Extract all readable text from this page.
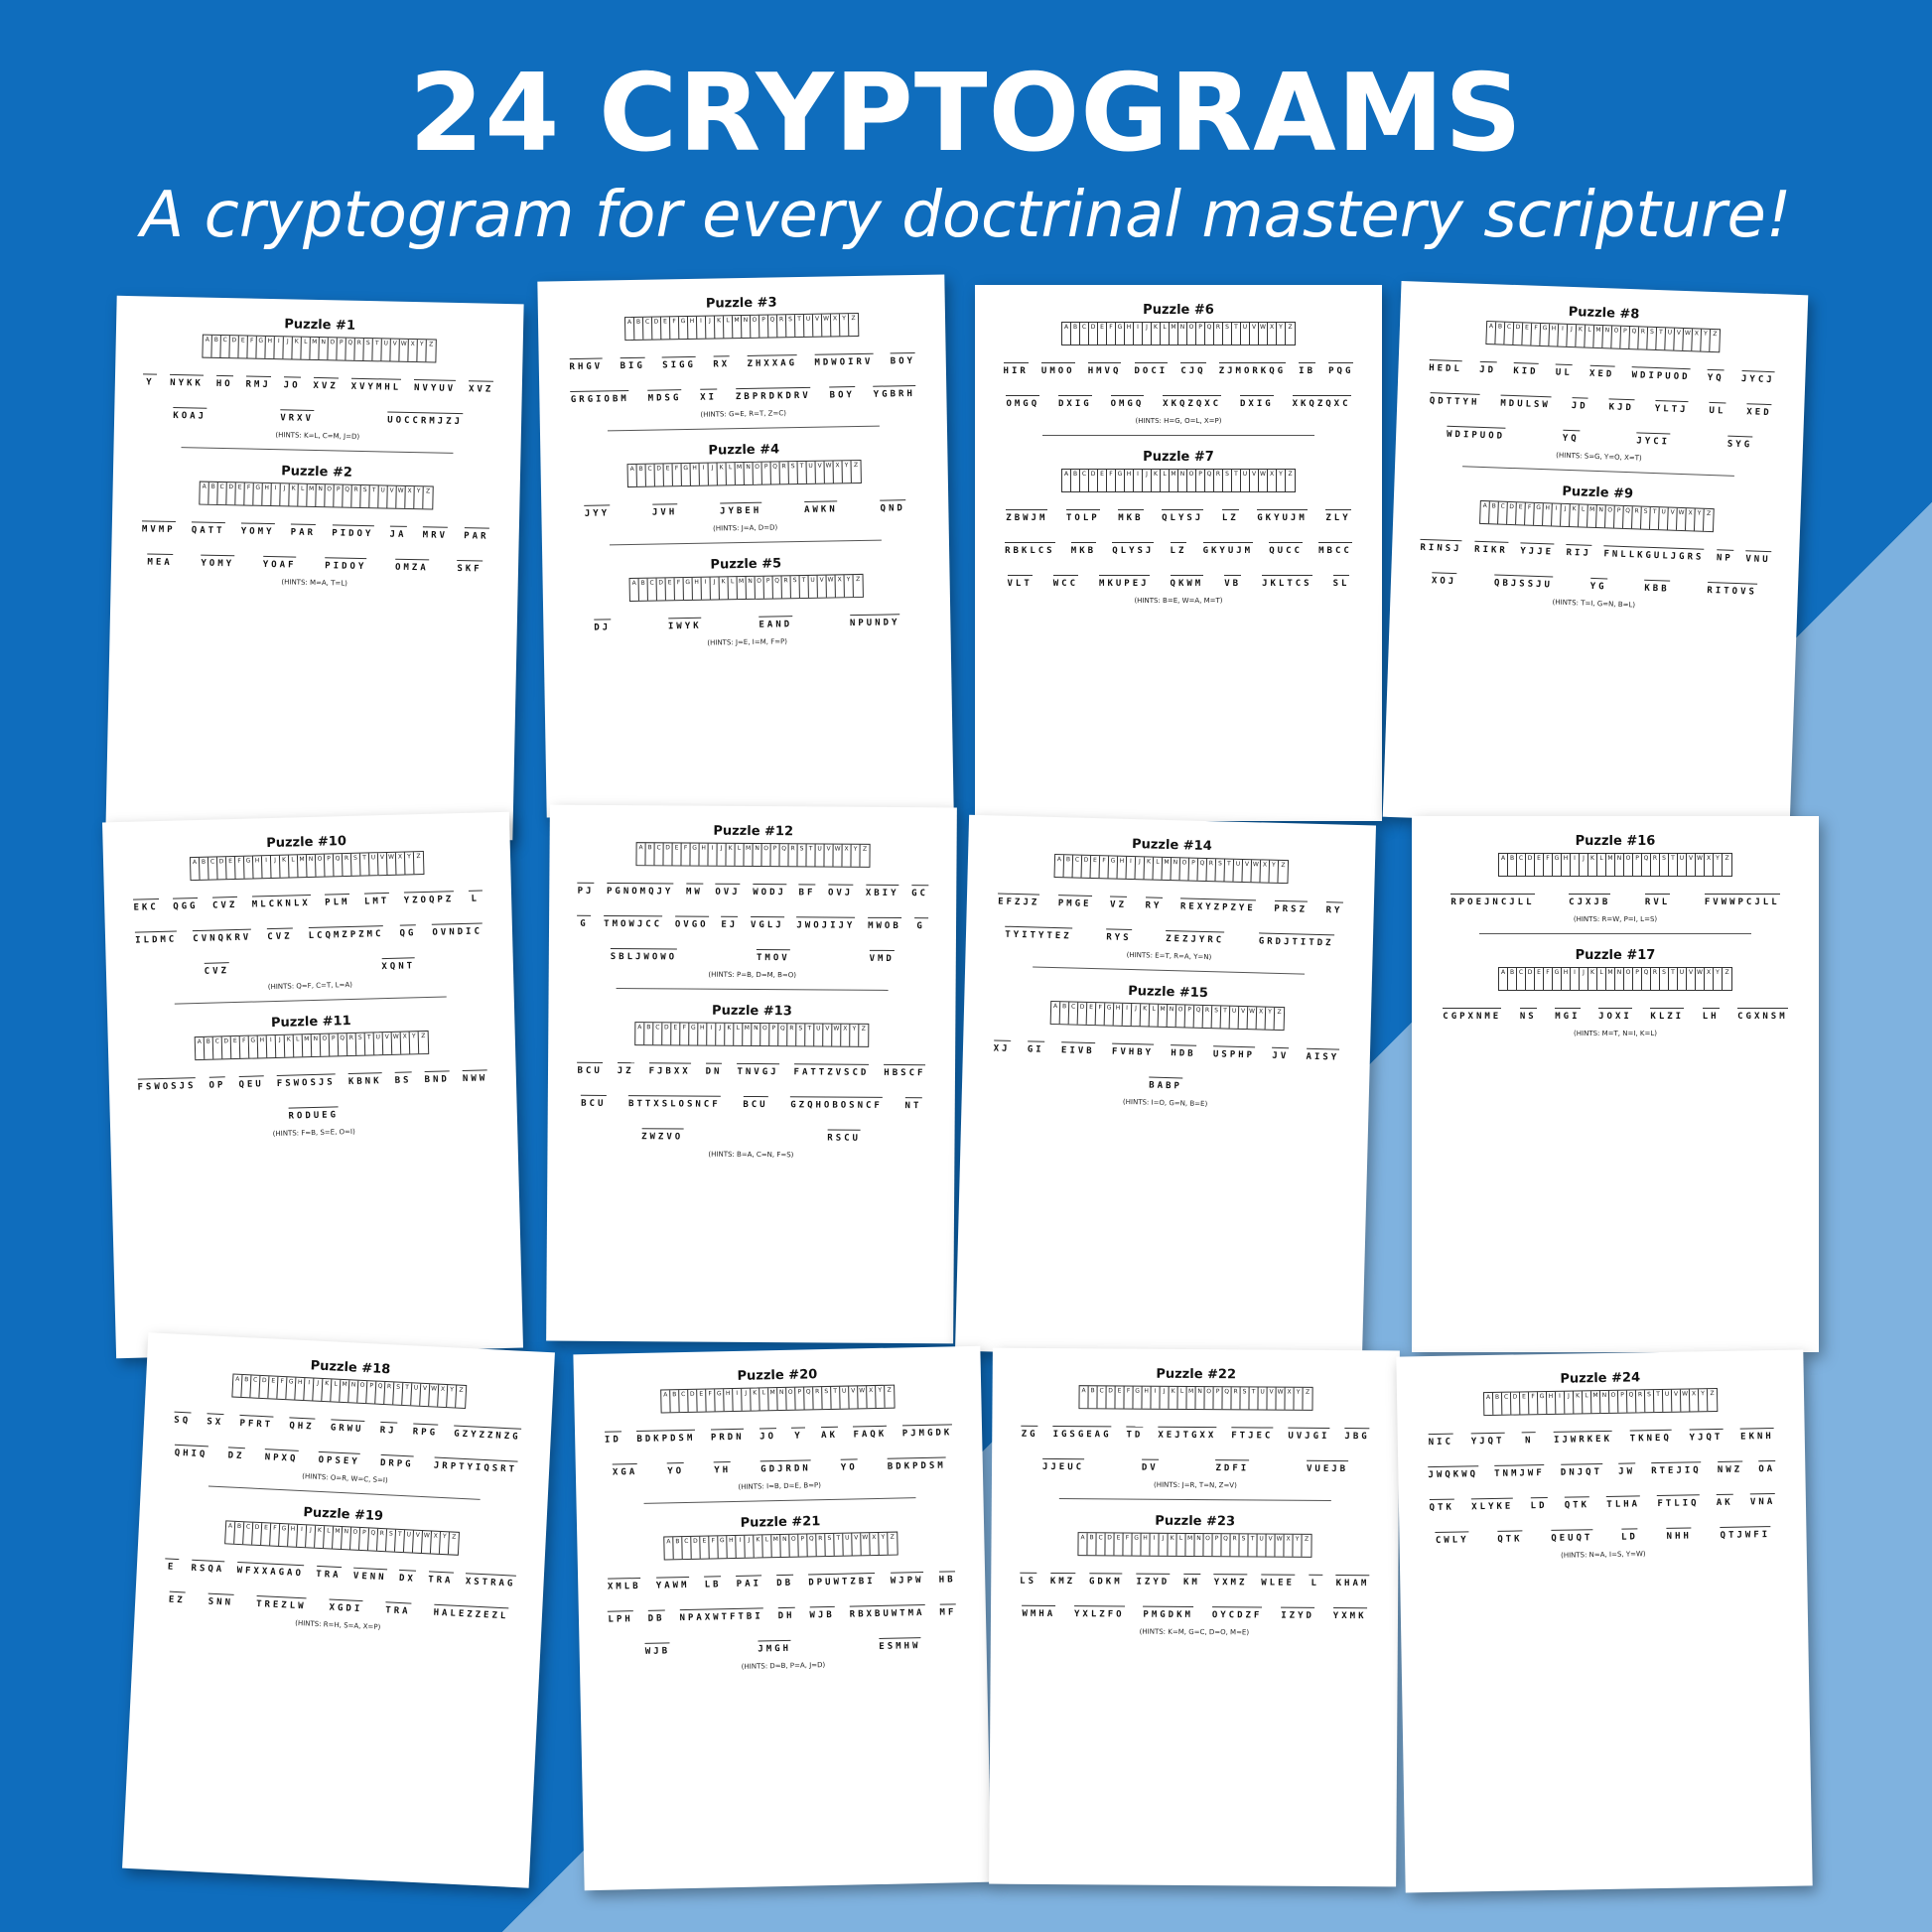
24 CRYPTOGRAMS
A cryptogram for every doctrinal mastery scripture!
Puzzle #1
A B C D E F G H I	J K L M N O P Q R S T U V W X Y Z
Y NYKK HO RMJ JO XVZ XVYMHL NVYUV XVZ
KOAJ	VRXV	UOCCRMJZJ
(HINTS: K=L, C=M, J=D)
Puzzle #2
A B C D E F G H I	J K L M N O P Q R S T U V W X Y Z
MVMP QATT YOMY PAR PIDOY JA MRV PAR
MEA	YOMY	YOAF	PIDOY	OMZA	SKF
(HINTS: M=A, T=L)
Puzzle #3
A B C D E F G H I	J	K L M N O P Q R S T U V W X Y Z
RHGV BIG SIGG RX ZHXXAG MDWOIRV BOY
GRGIOBM MDSG XI ZBPRDKDRV BOY YGBRH
(HINTS: G=E, R=T, Z=C)
Puzzle #4
A B C D E F G H I	J	K L M N O P Q R S T U V W X Y Z
JYY	JVH	JYBEH	AWKN	QND
(HINTS: J=A, D=D)
Puzzle #5
A B C D E F G H I	J	K L M N O P Q R S T U V W X Y Z
DJ	IWYK	EAND	NPUNDY
(HINTS: J=E, I=M, F=P)
Puzzle #6
A B C D E F G H I	J	K L M N O P Q R S T U V W X Y Z
HIR UMOO HMVQ DOCI CJQ ZJMORKQG IB PQG
OMGQ DXIG OMGQ XKQZQXC DXIG XKQZQXC
(HINTS: H=G, O=L, X=P)
Puzzle #7
A B C D E F G H I	J	K L M N O P Q R S T U V W X Y Z
ZBWJM TOLP MKB QLYSJ LZ GKYUJM ZLY
RBKLCS MKB QLYSJ LZ GKYUJM QUCC MBCC
VLT WCC MKUPEJ QKWM VB JKLTCS SL
(HINTS: B=E, W=A, M=T)
Puzzle #8
A B C D E F G H I	J K L M N O P Q R S T U V W X Y Z
HEDL JD KID UL XED WDIPUOD YQ JYCJ
QDTTYH MDULSW JD KJD YLTJ UL XED
WDIPUOD	YQ	JYCI	SYG
(HINTS: S=G, Y=O, X=T)
Puzzle #9
A B C D E F G H I	J K L M N O P Q R S T U V W X Y Z
RINSJ RIKR YJJE RIJ FNLLKGULJGRS NP VNU
XOJ	QBJSSJU	YG	KBB	RITOVS
(HINTS: T=I, G=N, B=L)
Puzzle #10
A B C D E F G H I	J K L M N O P Q R S T U V W X Y Z
EKC QGG CVZ MLCKNLX PLM LMT YZOQPZ L
ILDMC CVNQKRV CVZ LCQMZPZMC QG OVNDIC
CVZ	XQNT
(HINTS: Q=F, C=T, L=A)
Puzzle #11
A B C D E F G H I	J K L M N O P Q R S T U V W X Y Z
FSWOSJS OP QEU FSWOSJS KBNK BS BND NWW
RODUEG
(HINTS: F=B, S=E, O=I)
Puzzle #12
A B C D E F G H I	J	K L M N O P Q R S T U V W X Y Z
PJ PGNOMQJY MW OVJ WODJ BF OVJ XBIY GC
G TMOWJCC OVGO EJ VGLJ JWOJIJY MWOB G
SBLJWOWO	TMOV	VMD
(HINTS: P=B, D=M, B=O)
Puzzle #13
A B C D E F G H I	J	K L M N O P Q R S T U V W X Y Z
BCU JZ FJBXX DN TNVGJ FATTZVSCD HBSCF
BCU	BTTXSLOSNCF	BCU	GZQHOBOSNCF	NT
ZWZVO	RSCU
(HINTS: B=A, C=N, F=S)
Puzzle #14
A B C D E F G H I	J K L M N O P Q R S T U V W X Y Z
EFZJZ PMGE VZ RY REXYZPZYE PRSZ RY
TYITYTEZ	RYS	ZEZJYRC	GRDJTITDZ
(HINTS: E=T, R=A, Y=N)
Puzzle #15
A B C D E F G H I	J K L M N O P Q R S T U V W X Y Z
XJ GI EIVB FVHBY HDB USPHP JV AISY
BABP
(HINTS: I=O, G=N, B=E)
Puzzle #16
A B C D E F G H I	J	K L M N O P Q R S T U V W X Y Z
RPOEJNCJLL	CJXJB	RVL	FVWWPCJLL
(HINTS: R=W, P=I, L=S)
Puzzle #17
A B C D E F G H I	J	K L M N O P Q R S T U V W X Y Z
CGPXNME NS MGI JOXI KLZI LH CGXNSM
(HINTS: M=T, N=I, K=L)
Puzzle #18
A B C D E F G H I	J K L M N O P Q R S T U V W X Y Z
SQ SX PFRT QHZ GRWU RJ RPG GZYZZNZG
QHIQ DZ NPXQ OPSEY DRPG JRPTYIQSRT
(HINTS: O=R, W=C, S=I)
Puzzle #19
A B C D E F G H I	J K L M N O P Q R S T U V W X Y Z
E RSQA WFXXAGAO TRA VENN DX TRA XSTRAG
EZ	SNN	TREZLW	XGDI	TRA	HALEZZEZL
(HINTS: R=H, S=A, X=P)
Puzzle #20
A B C D E F G H I	J K L M N O P Q R S T U V W X Y Z
ID BDKPDSM PRDN JO Y AK FAQK PJMGDK
XGA	YO	YH	GDJRDN	YO	BDKPDSM
(HINTS: I=B, D=E, B=P)
Puzzle #21
A B C D E F G H I	J K L M N O P Q R S T U V W X Y Z
XMLB YAWM LB PAI DB DPUWTZBI WJPW HB
LPH DB NPAXWTFTBI DH WJB RBXBUWTMA MF
WJB	JMGH	ESMHW
(HINTS: D=B, P=A, J=D)
Puzzle #22
A B C D E F G H I	J	K L M N O P Q R S T U V W X Y Z
ZG IGSGEAG TD XEJTGXX FTJEC UVJGI JBG
JJEUC	DV	ZDFI	VUEJB
(HINTS: J=R, T=N, Z=V)
Puzzle #23
A B C D E F G H I	J	K L M N O P Q R S T U V W X Y Z
LS KMZ GDKM IZYD KM YXMZ WLEE L KHAM
WMHA YXLZFO PMGDKM OYCDZF IZYD YXMK
(HINTS: K=M, G=C, D=O, M=E)
Puzzle #24
A B C D E F G H I	J	K L M N O P Q R S T U V W X Y Z
NIC YJQT N IJWRKEK TKNEQ YJQT EKNH
JWQKWQ TNMJWF DNJQT JW RTEJIQ NWZ OA
QTK XLYKE LD QTK TLHA FTLIQ AK VNA
CWLY	QTK	QEUQT	LD	NHH	QTJWFI
(HINTS: N=A, I=S, Y=W)
